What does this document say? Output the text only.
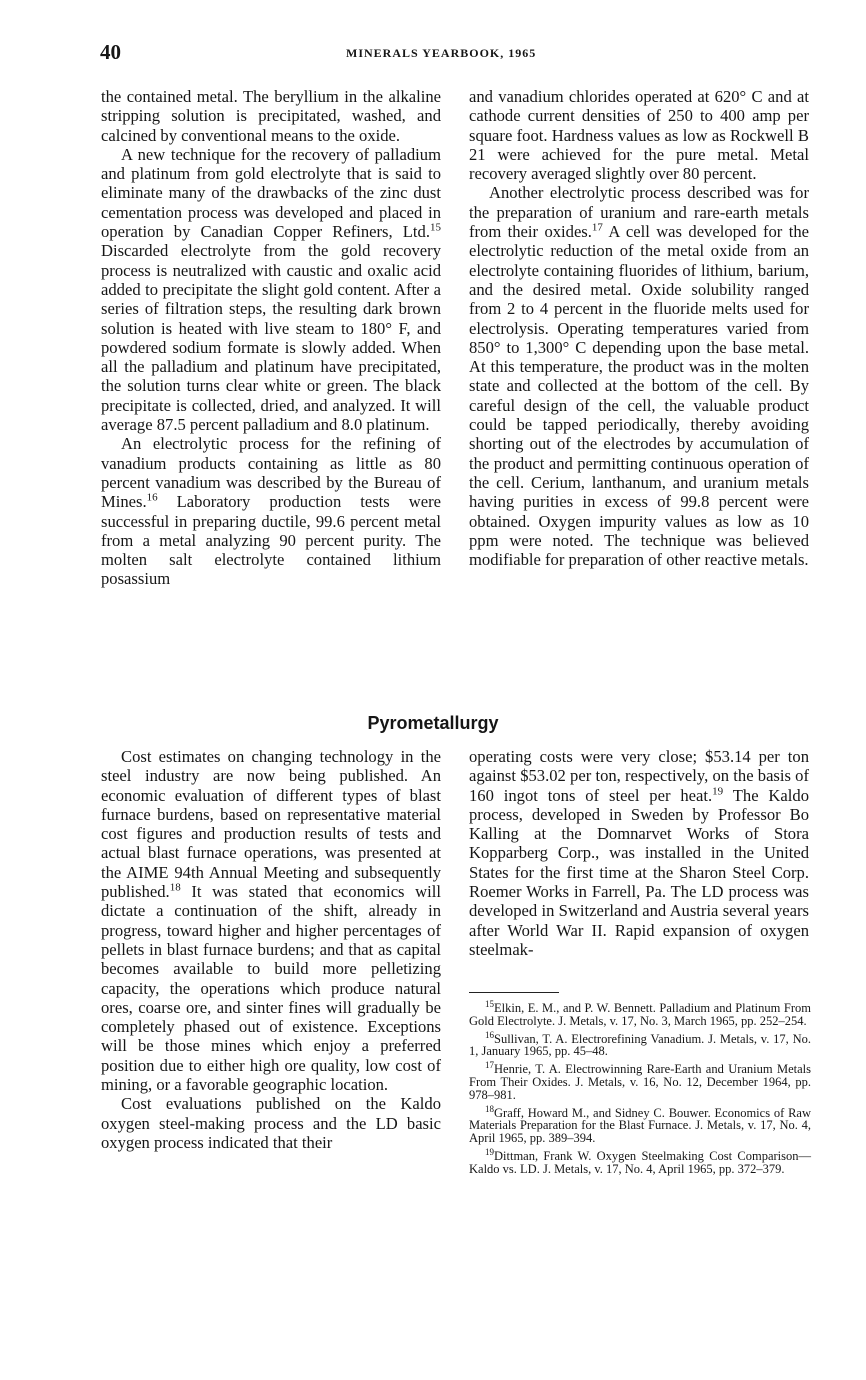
40	MINERALS YEARBOOK, 1965

the contained metal. The beryllium in the alkaline stripping solution is precipitated, washed, and calcined by conventional means to the oxide.

A new technique for the recovery of palladium and platinum from gold electrolyte that is said to eliminate many of the drawbacks of the zinc dust cementation process was developed and placed in operation by Canadian Copper Refiners, Ltd.$^{15}$ Discarded electrolyte from the gold recovery process is neutralized with caustic and oxalic acid added to precipitate the slight gold content. After a series of filtration steps, the resulting dark brown solution is heated with live steam to 180° F, and powdered sodium formate is slowly added. When all the palladium and platinum have precipitated, the solution turns clear white or green. The black precipitate is collected, dried, and analyzed. It will average 87.5 percent palladium and 8.0 platinum.

An electrolytic process for the refining of vanadium products containing as little as 80 percent vanadium was described by the Bureau of Mines.$^{16}$ Laboratory production tests were successful in preparing ductile, 99.6 percent metal from a metal analyzing 90 percent purity. The molten salt electrolyte contained lithium posassium

and vanadium chlorides operated at 620° C and at cathode current densities of 250 to 400 amp per square foot. Hardness values as low as Rockwell B 21 were achieved for the pure metal. Metal recovery averaged slightly over 80 percent.

Another electrolytic process described was for the preparation of uranium and rare-earth metals from their oxides.$^{17}$ A cell was developed for the electrolytic reduction of the metal oxide from an electrolyte containing fluorides of lithium, barium, and the desired metal. Oxide solubility ranged from 2 to 4 percent in the fluoride melts used for electrolysis. Operating temperatures varied from 850° to 1,300° C depending upon the base metal. At this temperature, the product was in the molten state and collected at the bottom of the cell. By careful design of the cell, the valuable product could be tapped periodically, thereby avoiding shorting out of the electrodes by accumulation of the product and permitting continuous operation of the cell. Cerium, lanthanum, and uranium metals having purities in excess of 99.8 percent were obtained. Oxygen impurity values as low as 10 ppm were noted. The technique was believed modifiable for preparation of other reactive metals.

Pyrometallurgy

Cost estimates on changing technology in the steel industry are now being published. An economic evaluation of different types of blast furnace burdens, based on representative material cost figures and production results of tests and actual blast furnace operations, was presented at the AIME 94th Annual Meeting and subsequently published.$^{18}$ It was stated that economics will dictate a continuation of the shift, already in progress, toward higher and higher percentages of pellets in blast furnace burdens; and that as capital becomes available to build more pelletizing capacity, the operations which produce natural ores, coarse ore, and sinter fines will gradually be completely phased out of existence. Exceptions will be those mines which enjoy a preferred position due to either high ore quality, low cost of mining, or a favorable geographic location.

Cost evaluations published on the Kaldo oxygen steel-making process and the LD basic oxygen process indicated that their

operating costs were very close; $53.14 per ton against $53.02 per ton, respectively, on the basis of 160 ingot tons of steel per heat.$^{19}$ The Kaldo process, developed in Sweden by Professor Bo Kalling at the Domnarvet Works of Stora Kopparberg Corp., was installed in the United States for the first time at the Sharon Steel Corp. Roemer Works in Farrell, Pa. The LD process was developed in Switzerland and Austria several years after World War II. Rapid expansion of oxygen steelmak-

$^{15}$Elkin, E. M., and P. W. Bennett. Palladium and Platinum From Gold Electrolyte. J. Metals, v. 17, No. 3, March 1965, pp. 252–254.

$^{16}$Sullivan, T. A. Electrorefining Vanadium. J. Metals, v. 17, No. 1, January 1965, pp. 45–48.

$^{17}$Henrie, T. A. Electrowinning Rare-Earth and Uranium Metals From Their Oxides. J. Metals, v. 16, No. 12, December 1964, pp. 978–981.

$^{18}$Graff, Howard M., and Sidney C. Bouwer. Economics of Raw Materials Preparation for the Blast Furnace. J. Metals, v. 17, No. 4, April 1965, pp. 389–394.

$^{19}$Dittman, Frank W. Oxygen Steelmaking Cost Comparison—Kaldo vs. LD. J. Metals, v. 17, No. 4, April 1965, pp. 372–379.
